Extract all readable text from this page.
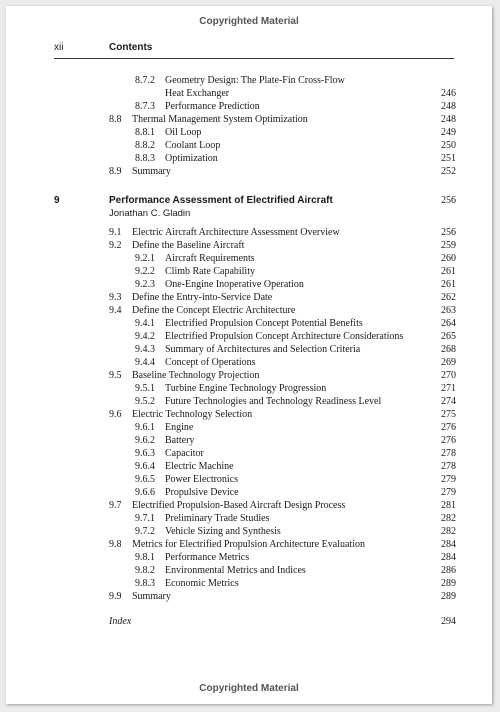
Copyrighted Material
xii	Contents
8.7.2 Geometry Design: The Plate-Fin Cross-Flow
Heat Exchanger	246
8.7.3 Performance Prediction	248
8.8 Thermal Management System Optimization	248
8.8.1 Oil Loop	249
8.8.2 Coolant Loop	250
8.8.3 Optimization	251
8.9 Summary	252
9	Performance Assessment of Electrified Aircraft	256
Jonathan C. Gladin
9.1 Electric Aircraft Architecture Assessment Overview	256
9.2 Define the Baseline Aircraft	259
9.2.1 Aircraft Requirements	260
9.2.2 Climb Rate Capability	261
9.2.3 One-Engine Inoperative Operation	261
9.3 Define the Entry-into-Service Date	262
9.4 Define the Concept Electric Architecture	263
9.4.1 Electrified Propulsion Concept Potential Benefits	264
9.4.2 Electrified Propulsion Concept Architecture Considerations	265
9.4.3 Summary of Architectures and Selection Criteria	268
9.4.4 Concept of Operations	269
9.5 Baseline Technology Projection	270
9.5.1 Turbine Engine Technology Progression	271
9.5.2 Future Technologies and Technology Readiness Level	274
9.6 Electric Technology Selection	275
9.6.1 Engine	276
9.6.2 Battery	276
9.6.3 Capacitor	278
9.6.4 Electric Machine	278
9.6.5 Power Electronics	279
9.6.6 Propulsive Device	279
9.7 Electrified Propulsion-Based Aircraft Design Process	281
9.7.1 Preliminary Trade Studies	282
9.7.2 Vehicle Sizing and Synthesis	282
9.8 Metrics for Electrified Propulsion Architecture Evaluation	284
9.8.1 Performance Metrics	284
9.8.2 Environmental Metrics and Indices	286
9.8.3 Economic Metrics	289
9.9 Summary	289
Index	294
Copyrighted Material
